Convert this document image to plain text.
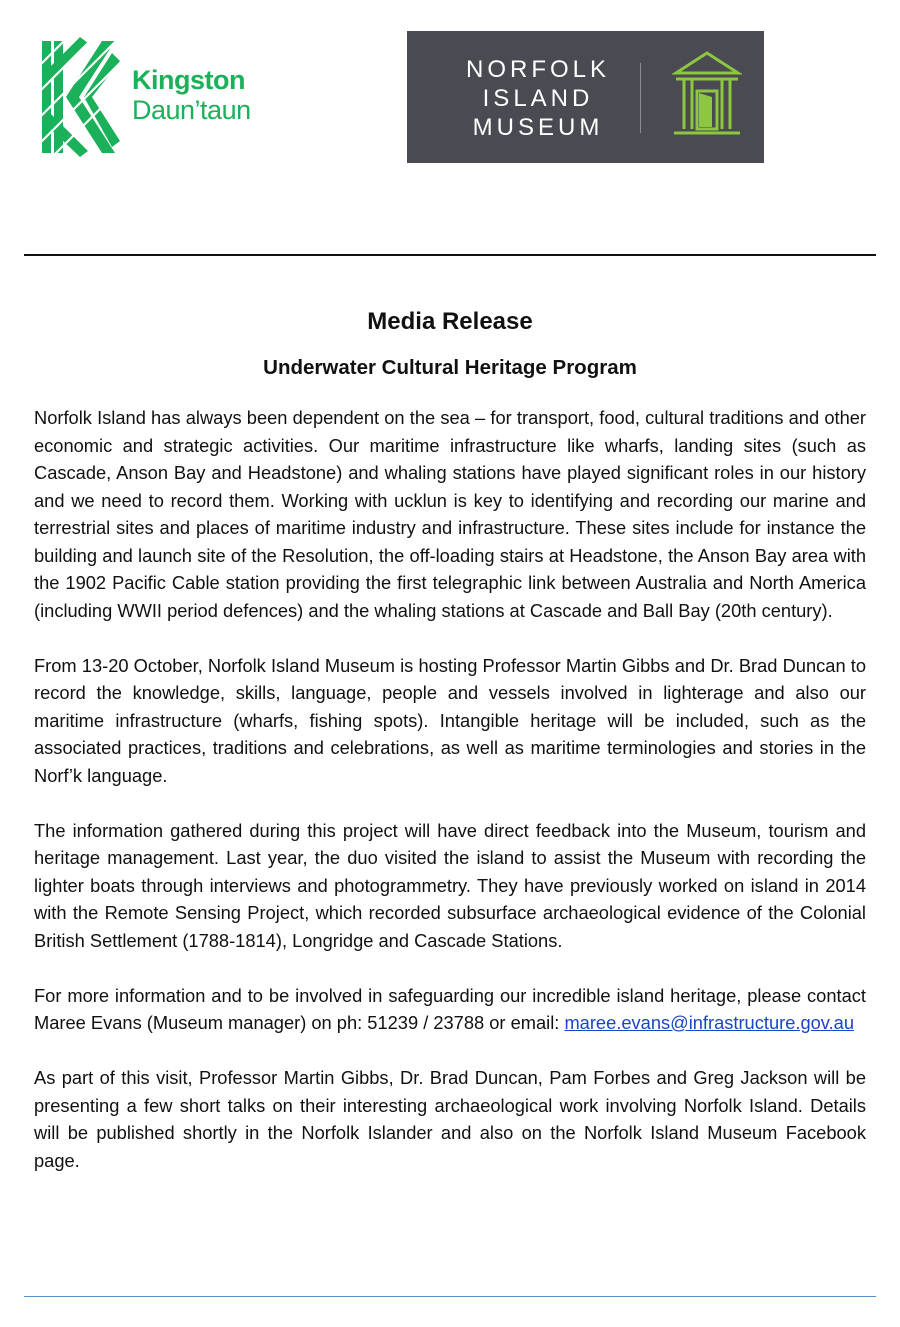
Kingston
Daun’taun
NORFOLK
ISLAND
MUSEUM
Media Release
Underwater Cultural Heritage Program

Norfolk Island has always been dependent on the sea – for transport, food, cultural traditions and other economic and strategic activities. Our maritime infrastructure like wharfs, landing sites (such as Cascade, Anson Bay and Headstone) and whaling stations have played significant roles in our history and we need to record them. Working with ucklun is key to identifying and recording our marine and terrestrial sites and places of maritime industry and infrastructure. These sites include for instance the building and launch site of the Resolution, the off-loading stairs at Headstone, the Anson Bay area with the 1902 Pacific Cable station providing the first telegraphic link between Australia and North America (including WWII period defences) and the whaling stations at Cascade and Ball Bay (20th century).

From 13-20 October, Norfolk Island Museum is hosting Professor Martin Gibbs and Dr. Brad Duncan to record the knowledge, skills, language, people and vessels involved in lighterage and also our maritime infrastructure (wharfs, fishing spots). Intangible heritage will be included, such as the associated practices, traditions and celebrations, as well as maritime terminologies and stories in the Norf’k language.

The information gathered during this project will have direct feedback into the Museum, tourism and heritage management. Last year, the duo visited the island to assist the Museum with recording the lighter boats through interviews and photogrammetry. They have previously worked on island in 2014 with the Remote Sensing Project, which recorded subsurface archaeological evidence of the Colonial British Settlement (1788-1814), Longridge and Cascade Stations.

For more information and to be involved in safeguarding our incredible island heritage, please contact Maree Evans (Museum manager) on ph: 51239 / 23788 or email: maree.evans@infrastructure.gov.au

As part of this visit, Professor Martin Gibbs, Dr. Brad Duncan, Pam Forbes and Greg Jackson will be presenting a few short talks on their interesting archaeological work involving Norfolk Island. Details will be published shortly in the Norfolk Islander and also on the Norfolk Island Museum Facebook page.
